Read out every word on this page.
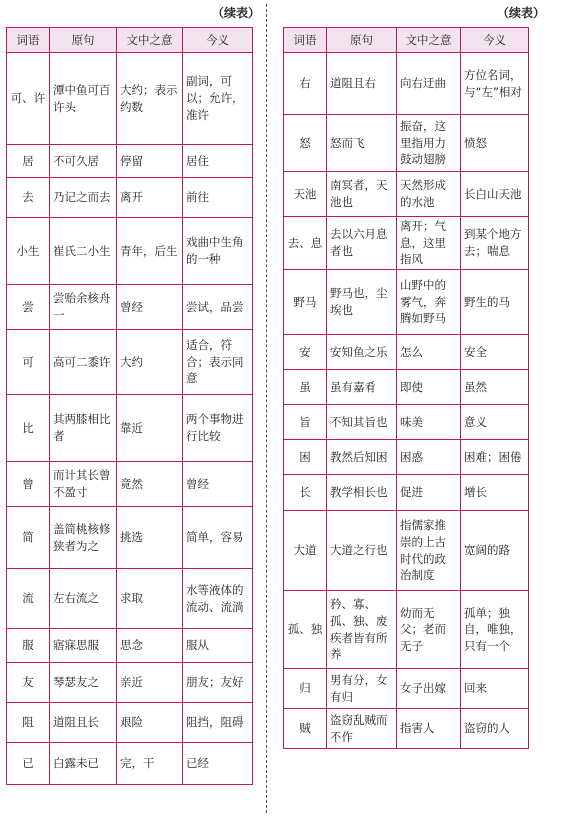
（续表）	（续表）
词语	原句	文中之意	今义
可、许	潭中鱼可百许头	大约；表示约数	副词，可以；允许，准许
居	不可久居	停留	居住
去	乃记之而去	离开	前往
小生	崔氏二小生	青年，后生	戏曲中生角的一种
尝	尝贻余核舟一	曾经	尝试，品尝
可	高可二黍许	大约	适合，符合；表示同意
比	其两膝相比者	靠近	两个事物进行比较
曾	而计其长曾不盈寸	竟然	曾经
简	盖简桃核修狭者为之	挑选	简单，容易
流	左右流之	求取	水等液体的流动、流淌
服	寤寐思服	思念	服从
友	琴瑟友之	亲近	朋友；友好
阻	道阻且长	艰险	阻挡，阻碍
已	白露未已	完，干	已经
词语	原句	文中之意	今义
右	道阻且右	向右迂曲	方位名词，与“左”相对
怒	怒而飞	振奋，这里指用力鼓动翅膀	愤怒
天池	南冥者，天池也	天然形成的水池	长白山天池
去、息	去以六月息者也	离开；气息，这里指风	到某个地方去；喘息
野马	野马也，尘埃也	山野中的雾气，奔腾如野马	野生的马
安	安知鱼之乐	怎么	安全
虽	虽有嘉肴	即使	虽然
旨	不知其旨也	味美	意义
困	教然后知困	困惑	困难；困倦
长	教学相长也	促进	增长
大道	大道之行也	指儒家推崇的上古时代的政治制度	宽阔的路
孤、独	矜、寡、孤、独、废疾者皆有所养	幼而无父；老而无子	孤单；独自，唯独，只有一个
归	男有分，女有归	女子出嫁	回来
贼	盗窃乱贼而不作	指害人	盗窃的人
